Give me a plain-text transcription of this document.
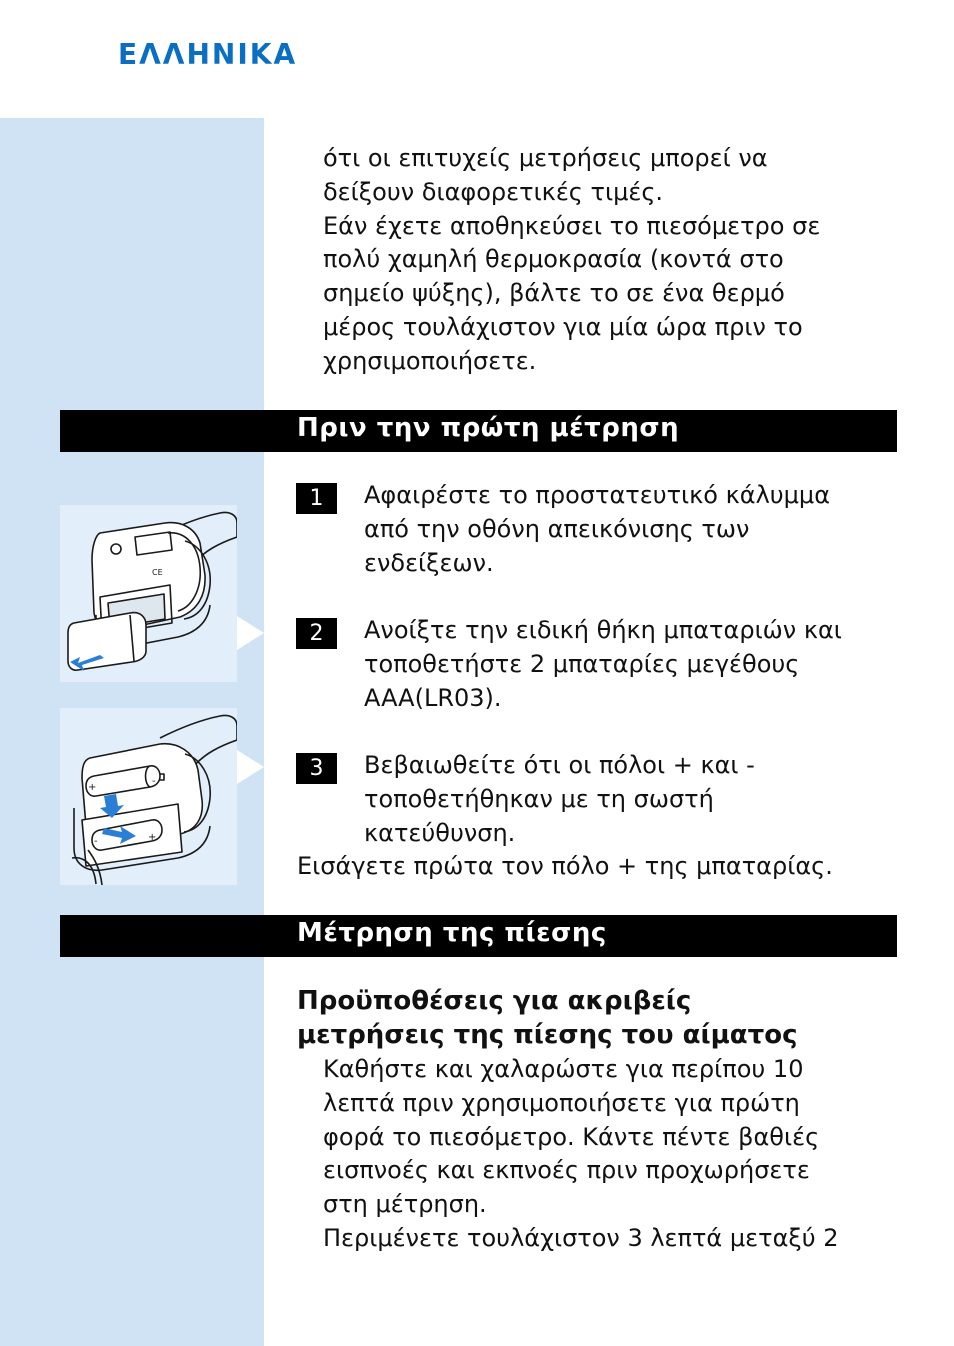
ΕΛΛΗΝΙΚΑ
ότι οι επιτυχείς μετρήσεις μπορεί να
δείξουν διαφορετικές τιμές.
Εάν έχετε αποθηκεύσει το πιεσόμετρο σε
πολύ χαμηλή θερμοκρασία (κοντά στο
σημείο ψύξης), βάλτε το σε ένα θερμό
μέρος τουλάχιστον για μία ώρα πριν το
χρησιμοποιήσετε.
Πριν την πρώτη μέτρηση
CE
+
-
-	+
1	Αφαιρέστε το προστατευτικό κάλυμμα
από την οθόνη απεικόνισης των
ενδείξεων.
2	Ανοίξτε την ειδική θήκη μπαταριών και
τοποθετήστε 2 μπαταρίες μεγέθους
AAA(LR03).
3	Βεβαιωθείτε ότι οι πόλοι + και -
τοποθετήθηκαν με τη σωστή
κατεύθυνση.
Εισάγετε πρώτα τον πόλο + της μπαταρίας.
Μέτρηση της πίεσης
Προϋποθέσεις για ακριβείς
μετρήσεις της πίεσης του αίματος
Καθήστε και χαλαρώστε για περίπου 10
λεπτά πριν χρησιμοποιήσετε για πρώτη
φορά το πιεσόμετρο. Κάντε πέντε βαθιές
εισπνοές και εκπνοές πριν προχωρήσετε
στη μέτρηση.
Περιμένετε τουλάχιστον 3 λεπτά μεταξύ 2
